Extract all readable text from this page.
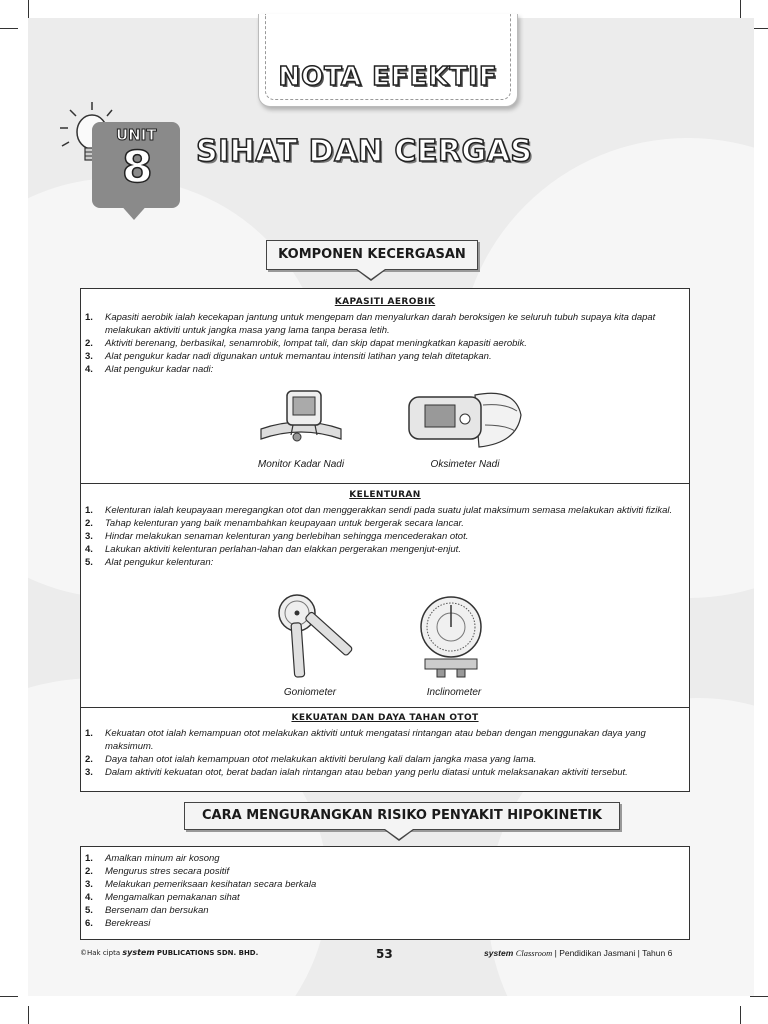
NOTA EFEKTIF
UNIT
8 SIHAT DAN CERGAS
KOMPONEN KECERGASAN
KAPASITI AEROBIK
1. Kapasiti aerobik ialah kecekapan jantung untuk mengepam dan menyalurkan darah beroksigen ke seluruh tubuh supaya kita dapat melakukan aktiviti untuk jangka masa yang lama tanpa berasa letih.
2. Aktiviti berenang, berbasikal, senamrobik, lompat tali, dan skip dapat meningkatkan kapasiti aerobik.
3. Alat pengukur kadar nadi digunakan untuk memantau intensiti latihan yang telah ditetapkan.
4. Alat pengukur kadar nadi:
Monitor Kadar Nadi	Oksimeter Nadi
KELENTURAN
1. Kelenturan ialah keupayaan meregangkan otot dan menggerakkan sendi pada suatu julat maksimum semasa melakukan aktiviti fizikal.
2. Tahap kelenturan yang baik menambahkan keupayaan untuk bergerak secara lancar.
3. Hindar melakukan senaman kelenturan yang berlebihan sehingga mencederakan otot.
4. Lakukan aktiviti kelenturan perlahan-lahan dan elakkan pergerakan mengenjut-enjut.
5. Alat pengukur kelenturan:
Goniometer	Inclinometer
KEKUATAN DAN DAYA TAHAN OTOT
1. Kekuatan otot ialah kemampuan otot melakukan aktiviti untuk mengatasi rintangan atau beban dengan menggunakan daya yang maksimum.
2. Daya tahan otot ialah kemampuan otot melakukan aktiviti berulang kali dalam jangka masa yang lama.
3. Dalam aktiviti kekuatan otot, berat badan ialah rintangan atau beban yang perlu diatasi untuk melaksanakan aktiviti tersebut.
CARA MENGURANGKAN RISIKO PENYAKIT HIPOKINETIK
1. Amalkan minum air kosong
2. Mengurus stres secara positif
3. Melakukan pemeriksaan kesihatan secara berkala
4. Mengamalkan pemakanan sihat
5. Bersenam dan bersukan
6. Berekreasi
©Hak cipta system PUBLICATIONS SDN. BHD.	53	system Classroom | Pendidikan Jasmani | Tahun 6
